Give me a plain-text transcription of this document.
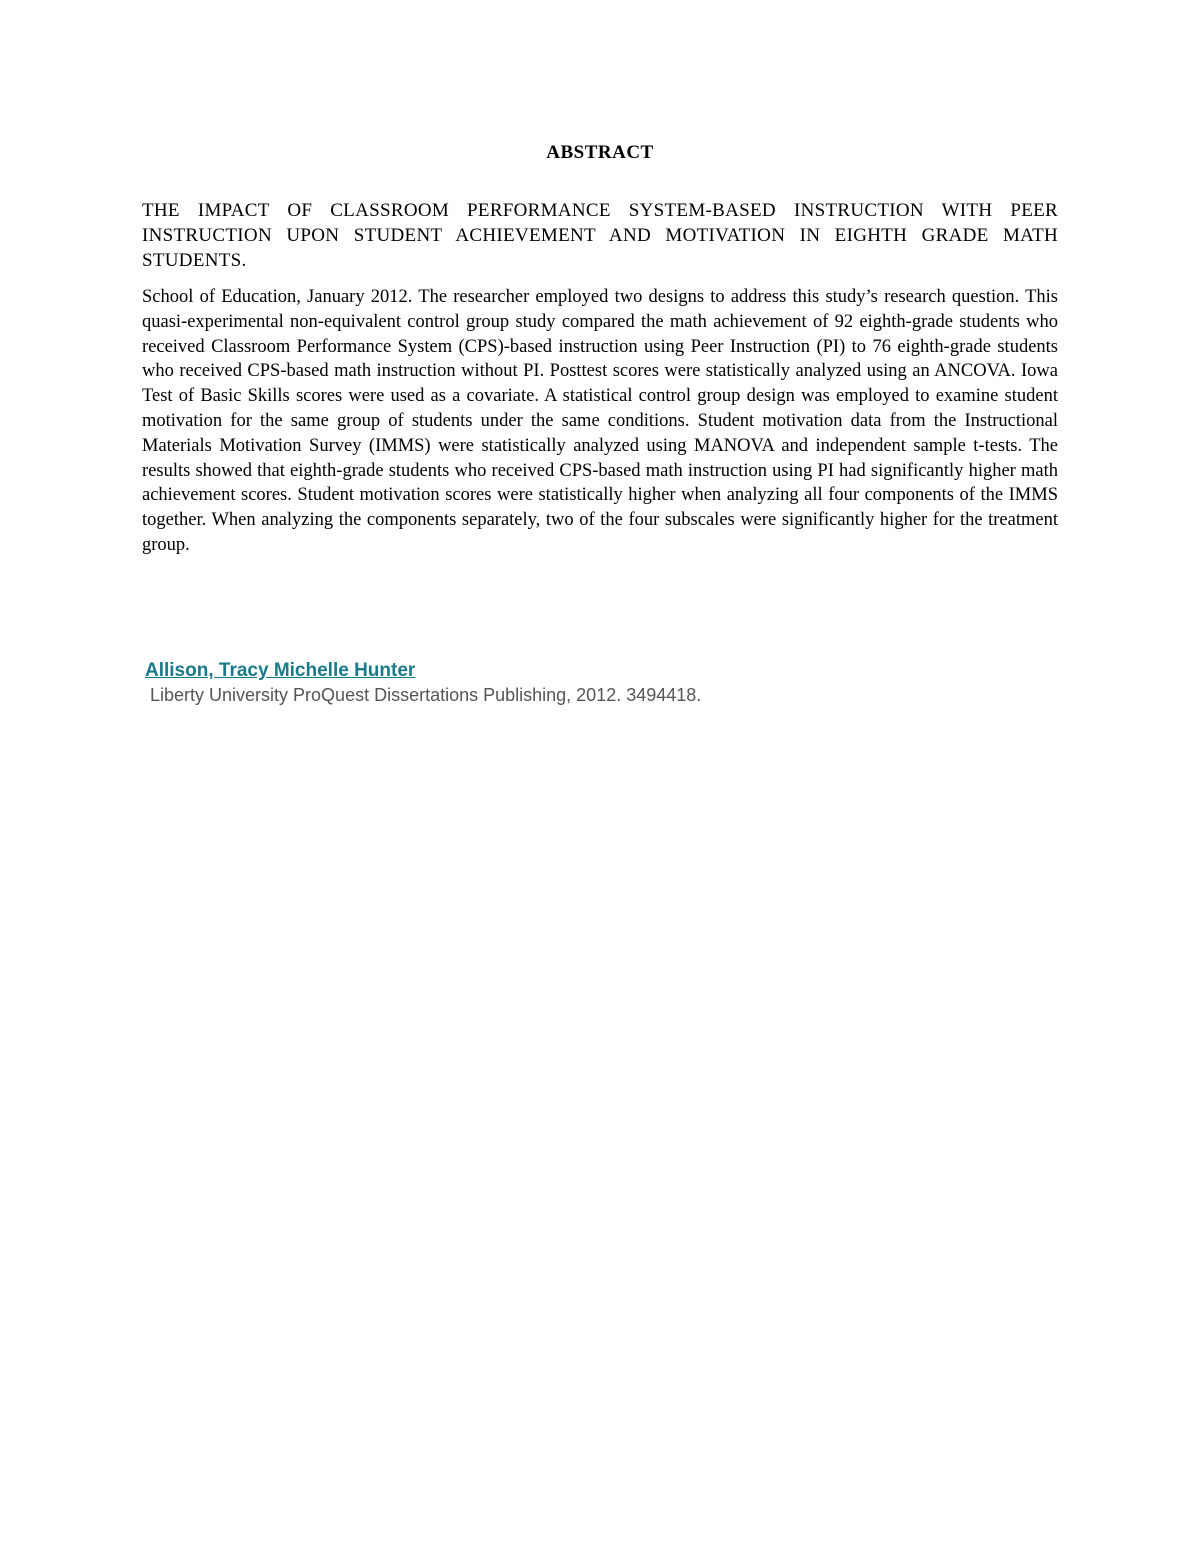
ABSTRACT
THE IMPACT OF CLASSROOM PERFORMANCE SYSTEM-BASED INSTRUCTION WITH PEER INSTRUCTION UPON STUDENT ACHIEVEMENT AND MOTIVATION IN EIGHTH GRADE MATH STUDENTS.

School of Education, January 2012. The researcher employed two designs to address this study’s research question. This quasi-experimental non-equivalent control group study compared the math achievement of 92 eighth-grade students who received Classroom Performance System (CPS)-based instruction using Peer Instruction (PI) to 76 eighth-grade students who received CPS-based math instruction without PI. Posttest scores were statistically analyzed using an ANCOVA. Iowa Test of Basic Skills scores were used as a covariate. A statistical control group design was employed to examine student motivation for the same group of students under the same conditions. Student motivation data from the Instructional Materials Motivation Survey (IMMS) were statistically analyzed using MANOVA and independent sample t-tests. The results showed that eighth-grade students who received CPS-based math instruction using PI had significantly higher math achievement scores. Student motivation scores were statistically higher when analyzing all four components of the IMMS together. When analyzing the components separately, two of the four subscales were significantly higher for the treatment group.

Allison, Tracy Michelle Hunter
Liberty University ProQuest Dissertations Publishing, 2012. 3494418.
